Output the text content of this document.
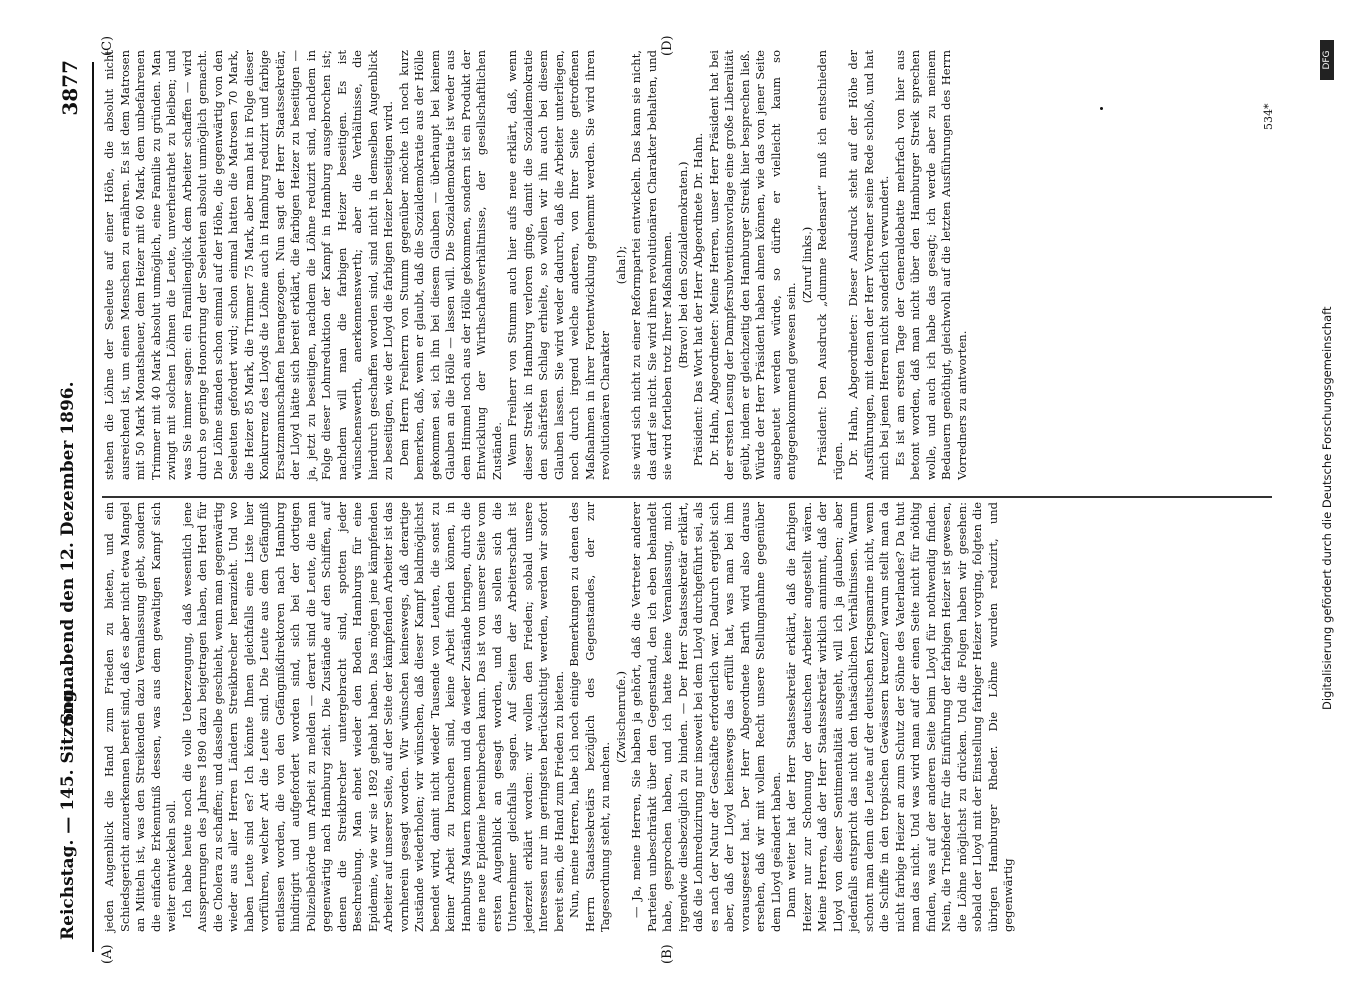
Reichstag. — 145. Sitzung.
Sonnabend den 12. Dezember 1896.
3877
(A)	(B)
(C)	(D)

jeden Augenblick die Hand zum Frieden zu bieten, und ein Schiedsgericht anzuerkennen bereit sind, daß es aber nicht etwa Mangel an Mitteln ist, was den Streikenden dazu Veranlassung giebt, sondern die einfache Erkenntniß dessen, was aus dem gewaltigen Kampf sich weiter entwickeln soll. Ich habe heute noch die volle Ueberzeugung, daß wesentlich jene Aussperrungen des Jahres 1890 dazu beigetragen haben, den Herd für die Cholera zu schaffen; und dasselbe geschieht, wenn man gegenwärtig wieder aus aller Herren Ländern Streikbrecher heranzieht. Und wo haben Leute sind es? Ich könnte Ihnen gleichfalls eine Liste hier vorführen, welcher Art die Leute sind. Die Leute aus dem Gefängniß entlassen worden, die von den Gefängnißdirektoren nach Hamburg hindirigirt und aufgefordert worden sind, sich bei der dortigen Polizeibehörde um Arbeit zu melden — derart sind die Leute, die man gegenwärtig nach Hamburg zieht. Die Zustände auf den Schiffen, auf denen die Streikbrecher untergebracht sind, spotten jeder Beschreibung. Man ebnet wieder den Boden Hamburgs für eine Epidemie, wie wir sie 1892 gehabt haben. Das mögen jene kämpfenden Arbeiter auf unserer Seite, auf der Seite der kämpfenden Arbeiter ist das vornherein gesagt worden. Wir wünschen keineswegs, daß derartige Zustände wiederholen; wir wünschen, daß dieser Kampf baldmöglichst beendet wird, damit nicht wieder Tausende von Leuten, die sonst zu keiner Arbeit zu brauchen sind, keine Arbeit finden können, in Hamburgs Mauern kommen und da wieder Zustände bringen, durch die eine neue Epidemie hereinbrechen kann. Das ist von unserer Seite vom ersten Augenblick an gesagt worden, und das sollen sich die Unternehmer gleichfalls sagen. Auf Seiten der Arbeiterschaft ist jederzeit erklärt worden: wir wollen den Frieden; sobald unsere Interessen nur im geringsten berücksichtigt werden, werden wir sofort bereit sein, die Hand zum Frieden zu bieten. Nun, meine Herren, habe ich noch einige Bemerkungen zu denen des Herrn Staatssekretärs bezüglich des Gegenstandes, der zur Tagesordnung steht, zu machen.

(Zwischenrufe.) — Ja, meine Herren, Sie haben ja gehört, daß die Vertreter anderer Parteien unbeschränkt über den Gegenstand, den ich eben behandelt habe, gesprochen haben, und ich hatte keine Veranlassung, mich irgendwie diesbezüglich zu binden. — Der Herr Staatssekretär erklärt, daß die Lohnreduzirung nur insoweit bei dem Lloyd durchgeführt sei, als es nach der Natur der Geschäfte erforderlich war. Dadurch ergiebt sich aber, daß der Lloyd keineswegs das erfüllt hat, was man bei ihm vorausgesetzt hat. Der Herr Abgeordnete Barth wird also daraus ersehen, daß wir mit vollem Recht unsere Stellungnahme gegenüber dem Lloyd geändert haben. Dann weiter hat der Herr Staatssekretär erklärt, daß die farbigen Heizer nur zur Schonung der deutschen Arbeiter angestellt wären. Meine Herren, daß der Herr Staatssekretär wirklich annimmt, daß der Lloyd von dieser Sentimentalität ausgeht, will ich ja glauben; aber jedenfalls entspricht das nicht den thatsächlichen Verhältnissen. Warum schont man denn die Leute auf der deutschen Kriegsmarine nicht, wenn die Schiffe in den tropischen Gewässern kreuzen? warum stellt man da nicht farbige Heizer an zum Schutz der Söhne des Vaterlandes? Da thut man das nicht. Und was wird man auf der einen Seite nicht für nöthig finden, was auf der anderen Seite beim Lloyd für nothwendig finden. Nein, die Triebfeder für die Einführung der farbigen Heizer ist gewesen, die Löhne möglichst zu drücken. Und die Folgen haben wir gesehen: sobald der Lloyd mit der Einstellung farbiger Heizer vorging, folgten die übrigen Hamburger Rheder. Die Löhne wurden reduzirt, und gegenwärtig

stehen die Löhne der Seeleute auf einer Höhe, die absolut nicht ausreichend ist, um einen Menschen zu ernähren. Es ist dem Matrosen mit 50 Mark Monatsheuer, dem Heizer mit 60 Mark, dem unbefahrenen Trimmer mit 40 Mark absolut unmöglich, eine Familie zu gründen. Man zwingt mit solchen Löhnen die Leute, unverheirathet zu bleiben; und was Sie immer sagen: ein Familienglück dem Arbeiter schaffen — wird durch so geringe Honorirung der Seeleuten absolut unmöglich gemacht. Die Löhne standen schon einmal auf der Höhe, die gegenwärtig von den Seeleuten gefordert wird; schon einmal hatten die Matrosen 70 Mark, die Heizer 85 Mark, die Trimmer 75 Mark, aber man hat in Folge dieser Konkurrenz des Lloyds die Löhne auch in Hamburg reduzirt und farbige Ersatzmannschaften herangezogen. Nun sagt der Herr Staatssekretär, der Lloyd hätte sich bereit erklärt, die farbigen Heizer zu beseitigen — ja, jetzt zu beseitigen, nachdem die Löhne reduzirt sind, nachdem in Folge dieser Lohnreduktion der Kampf in Hamburg ausgebrochen ist; nachdem will man die farbigen Heizer beseitigen. Es ist wünschenswerth, anerkennenswerth; aber die Verhältnisse, die hierdurch geschaffen worden sind, sind nicht in demselben Augenblick zu beseitigen, wie der Lloyd die farbigen Heizer beseitigen wird. Dem Herrn Freiherrn von Stumm gegenüber möchte ich noch kurz bemerken, daß, wenn er glaubt, daß die Sozialdemokratie aus der Hölle gekommen sei, ich ihn bei diesem Glauben — überhaupt bei keinem Glauben an die Hölle — lassen will. Die Sozialdemokratie ist weder aus dem Himmel noch aus der Hölle gekommen, sondern ist ein Produkt der Entwicklung der Wirthschaftsverhältnisse, der gesellschaftlichen Zustände. Wenn Freiherr von Stumm auch hier aufs neue erklärt, daß, wenn dieser Streik in Hamburg verloren ginge, damit die Sozialdemokratie den schärfsten Schlag erhielte, so wollen wir ihn auch bei diesem Glauben lassen. Sie wird weder dadurch, daß die Arbeiter unterliegen, noch durch irgend welche anderen, von Ihrer Seite getroffenen Maßnahmen in ihrer Fortentwicklung gehemmt werden. Sie wird ihren revolutionären Charakter

(aha!); sie wird sich nicht zu einer Reformpartei entwickeln. Das kann sie nicht, das darf sie nicht. Sie wird ihren revolutionären Charakter behalten, und sie wird fortleben trotz Ihrer Maßnahmen. (Bravo! bei den Sozialdemokraten.) Präsident: Das Wort hat der Herr Abgeordnete Dr. Hahn. Dr. Hahn, Abgeordneter: Meine Herren, unser Herr Präsident hat bei der ersten Lesung der Dampfersubventionsvorlage eine große Liberalität geübt, indem er gleichzeitig den Hamburger Streik hier besprechen ließ. Würde der Herr Präsident haben ahnen können, wie das von jener Seite ausgebeutet werden würde, so dürfte er vielleicht kaum so entgegenkommend gewesen sein.

(Zuruf links.) Präsident: Den Ausdruck „dumme Redensart“ muß ich entschieden rügen. Dr. Hahn, Abgeordneter: Dieser Ausdruck steht auf der Höhe der Ausführungen, mit denen der Herr Vorredner seine Rede schloß, und hat mich bei jenen Herren nicht sonderlich verwundert. Es ist am ersten Tage der Generaldebatte mehrfach von hier aus betont worden, daß man nicht über den Hamburger Streik sprechen wolle, und auch ich habe das gesagt; ich werde aber zu meinem Bedauern genöthigt, gleichwohl auf die letzten Ausführungen des Herrn Vorredners zu antworten.

534*
Digitalisierung gefördert durch die Deutsche Forschungsgemeinschaft
DFG
